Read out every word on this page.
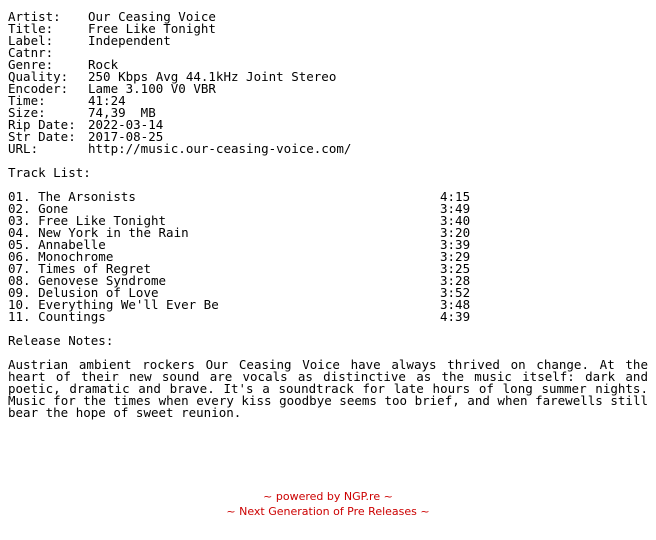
Artist:	Our Ceasing Voice
Title:	Free Like Tonight
Label:	Independent
Catnr:
Genre:	Rock
Quality:	250 Kbps Avg 44.1kHz Joint Stereo
Encoder:	Lame 3.100 V0 VBR
Time:	41:24
Size:	74,39  MB
Rip Date: 2022-03-14
Str Date: 2017-08-25
URL:	http://music.our-ceasing-voice.com/
Track List:
01. The Arsonists	4:15
02. Gone	3:49
03. Free Like Tonight	3:40
04. New York in the Rain	3:20
05. Annabelle	3:39
06. Monochrome	3:29
07. Times of Regret	3:25
08. Genovese Syndrome	3:28
09. Delusion of Love	3:52
10. Everything We'll Ever Be	3:48
11. Countings	4:39
Release Notes:
Austrian ambient rockers Our Ceasing Voice have always thrived on change. At the heart of their new sound are vocals as distinctive as the music itself: dark and poetic, dramatic and brave. It's a soundtrack for late hours of long summer nights. Music for the times when every kiss goodbye seems too brief, and when farewells still bear the hope of sweet reunion.
~ powered by NGP.re ~
~ Next Generation of Pre Releases ~
